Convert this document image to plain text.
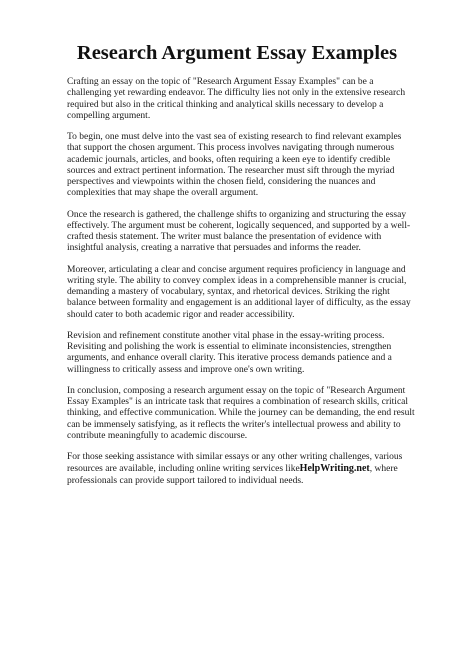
Research Argument Essay Examples

Crafting an essay on the topic of "Research Argument Essay Examples" can be a challenging yet rewarding endeavor. The difficulty lies not only in the extensive research required but also in the critical thinking and analytical skills necessary to develop a compelling argument.

To begin, one must delve into the vast sea of existing research to find relevant examples that support the chosen argument. This process involves navigating through numerous academic journals, articles, and books, often requiring a keen eye to identify credible sources and extract pertinent information. The researcher must sift through the myriad perspectives and viewpoints within the chosen field, considering the nuances and complexities that may shape the overall argument.

Once the research is gathered, the challenge shifts to organizing and structuring the essay effectively. The argument must be coherent, logically sequenced, and supported by a well-crafted thesis statement. The writer must balance the presentation of evidence with insightful analysis, creating a narrative that persuades and informs the reader.

Moreover, articulating a clear and concise argument requires proficiency in language and writing style. The ability to convey complex ideas in a comprehensible manner is crucial, demanding a mastery of vocabulary, syntax, and rhetorical devices. Striking the right balance between formality and engagement is an additional layer of difficulty, as the essay should cater to both academic rigor and reader accessibility.

Revision and refinement constitute another vital phase in the essay-writing process. Revisiting and polishing the work is essential to eliminate inconsistencies, strengthen arguments, and enhance overall clarity. This iterative process demands patience and a willingness to critically assess and improve one's own writing.

In conclusion, composing a research argument essay on the topic of "Research Argument Essay Examples" is an intricate task that requires a combination of research skills, critical thinking, and effective communication. While the journey can be demanding, the end result can be immensely satisfying, as it reflects the writer's intellectual prowess and ability to contribute meaningfully to academic discourse.

For those seeking assistance with similar essays or any other writing challenges, various resources are available, including online writing services likeHelpWriting.net, where professionals can provide support tailored to individual needs.
